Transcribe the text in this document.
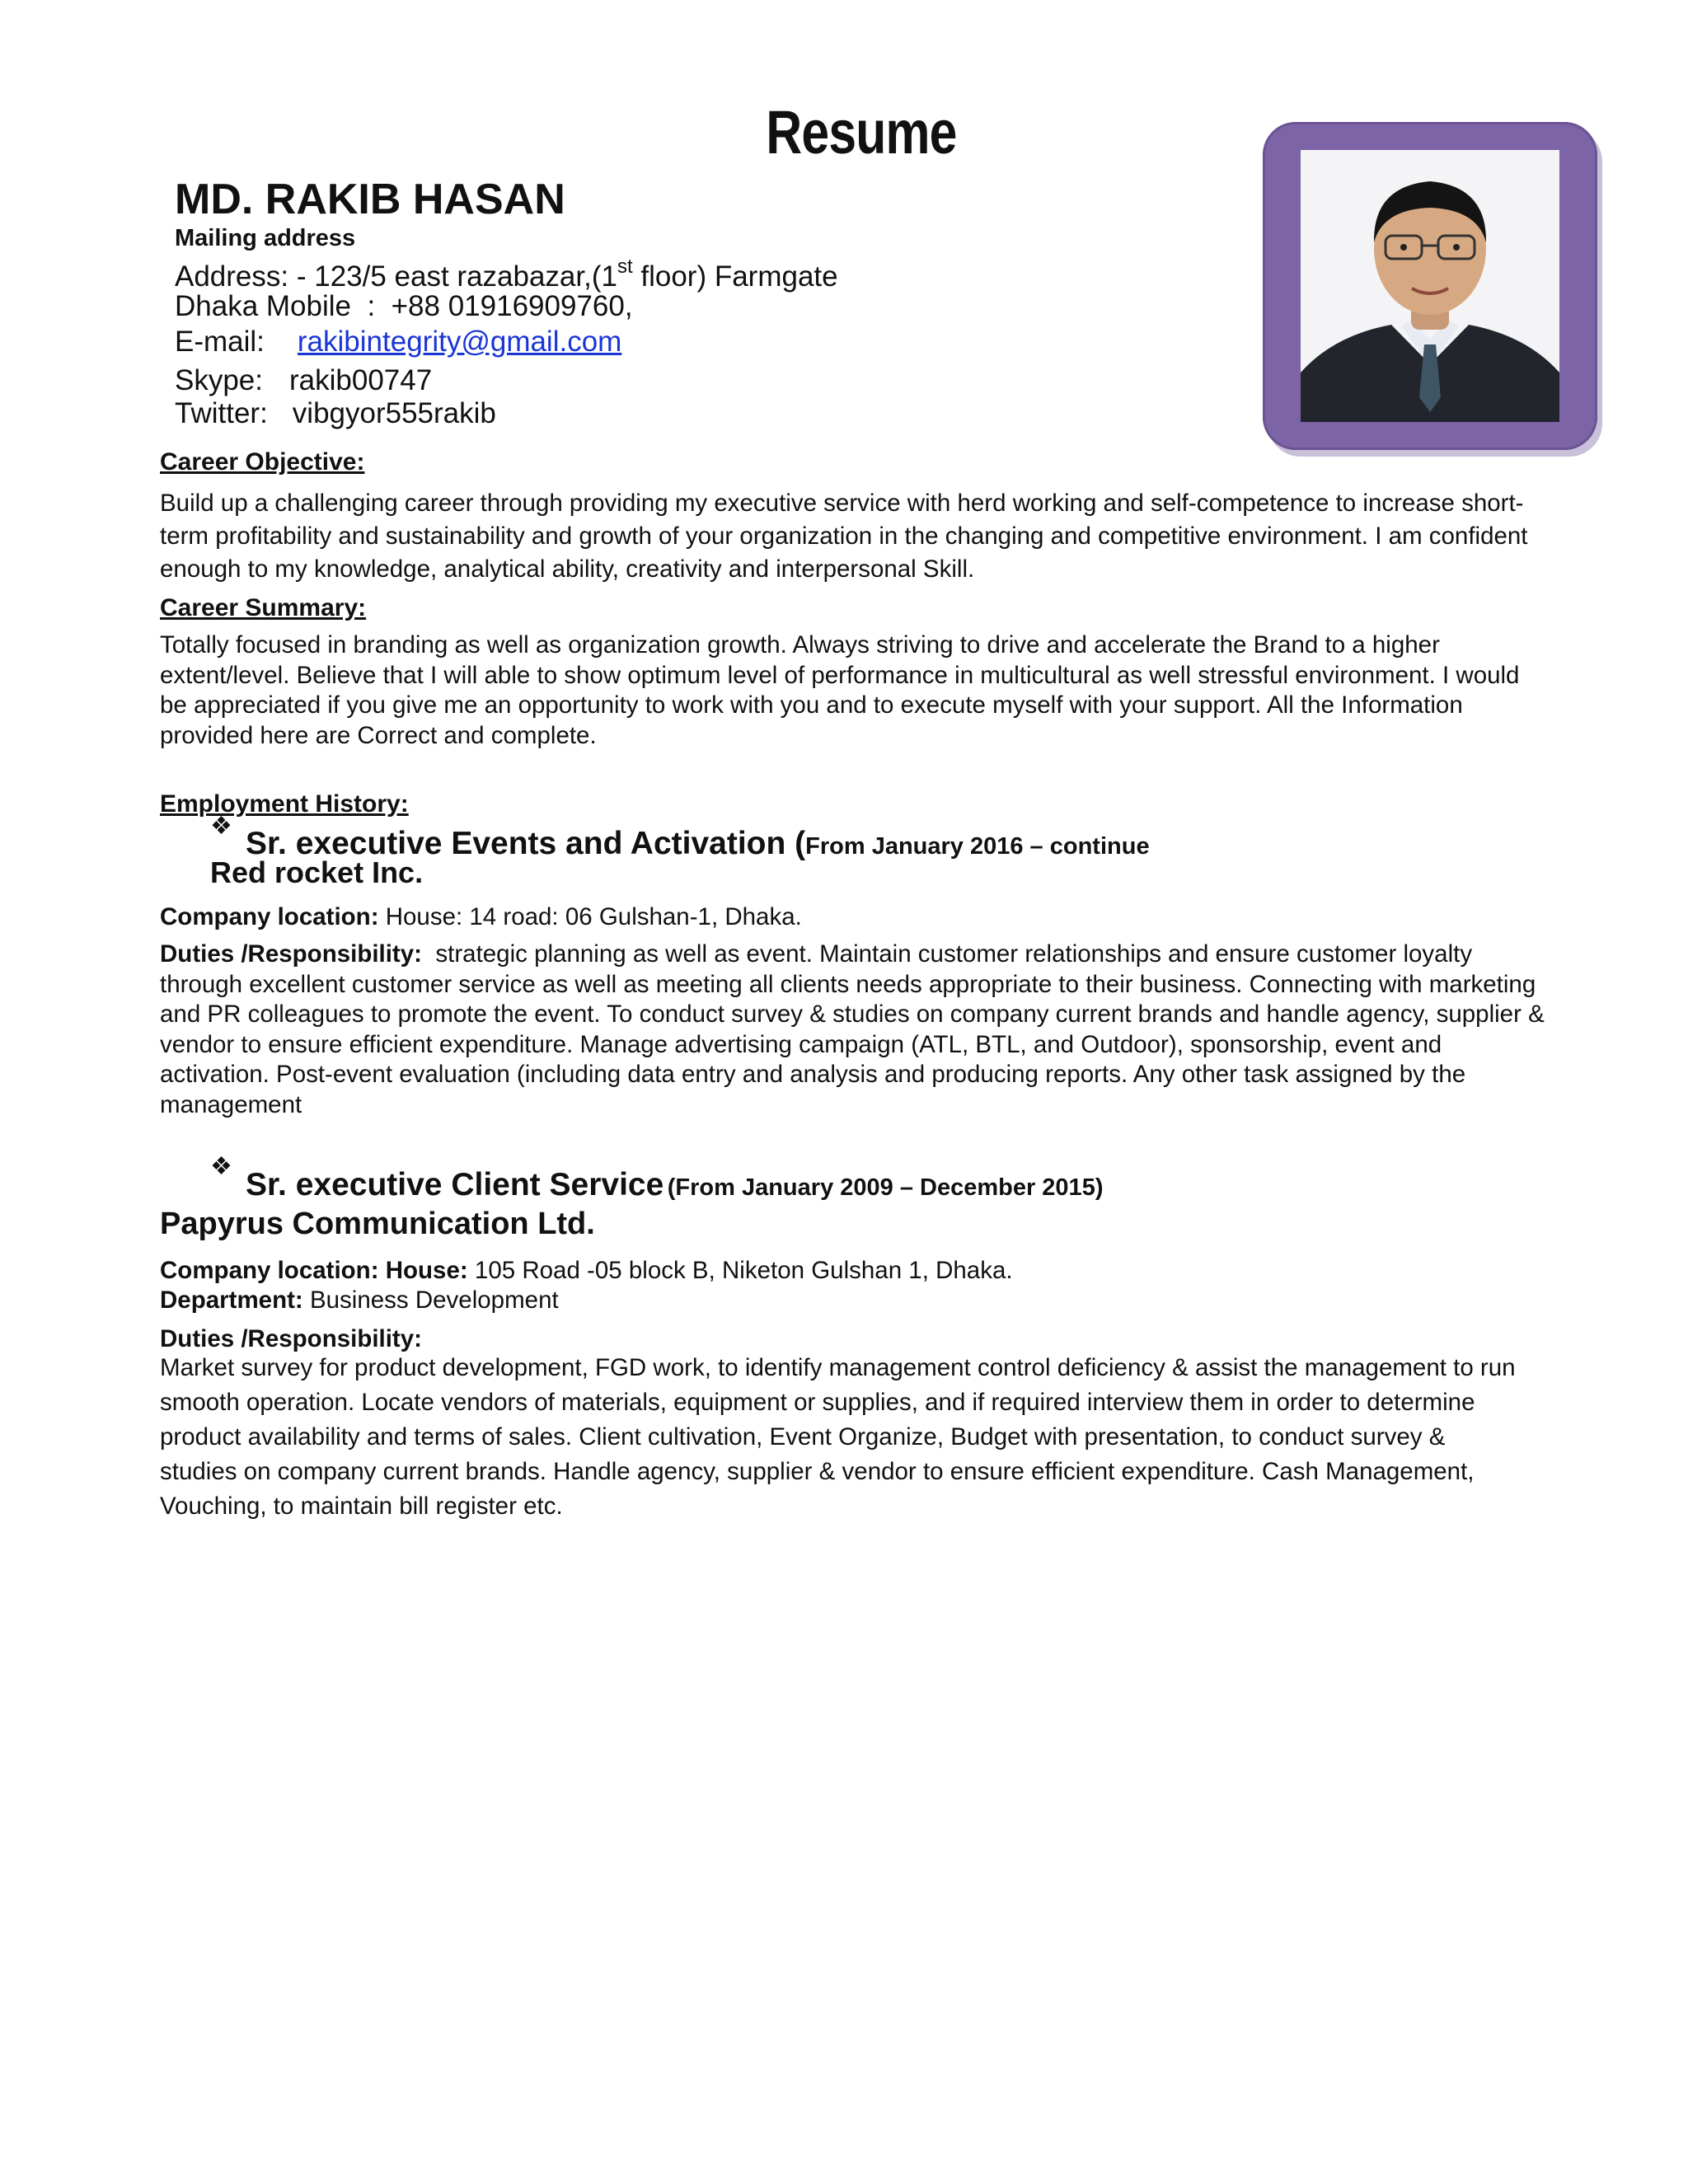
Resume
MD. RAKIB HASAN
Mailing address
Address: - 123/5 east razabazar,(1st floor) Farmgate
Dhaka Mobile  :  +88 01916909760,
E-mail: rakibintegrity@gmail.com
Skype: rakib00747
Twitter: vibgyor555rakib
Career Objective:
Build up a challenging career through providing my executive service with herd working and self-competence to increase short-term profitability and sustainability and growth of your organization in the changing and competitive environment. I am confident enough to my knowledge, analytical ability, creativity and interpersonal Skill.
Career Summary:
Totally focused in branding as well as organization growth. Always striving to drive and accelerate the Brand to a higher extent/level. Believe that I will able to show optimum level of performance in multicultural as well stressful environment. I would be appreciated if you give me an opportunity to work with you and to execute myself with your support. All the Information provided here are Correct and complete.
Employment History:
❖ Sr. executive Events and Activation (From January 2016 – continue
Red rocket Inc.
Company location: House: 14 road: 06 Gulshan-1, Dhaka.
Duties /Responsibility: strategic planning as well as event. Maintain customer relationships and ensure customer loyalty through excellent customer service as well as meeting all clients needs appropriate to their business. Connecting with marketing and PR colleagues to promote the event. To conduct survey & studies on company current brands and handle agency, supplier & vendor to ensure efficient expenditure. Manage advertising campaign (ATL, BTL, and Outdoor), sponsorship, event and activation. Post-event evaluation (including data entry and analysis and producing reports. Any other task assigned by the management
❖
Sr. executive Client Service (From January 2009 – December 2015)
Papyrus Communication Ltd.
Company location: House: 105 Road -05 block B, Niketon Gulshan 1, Dhaka.
Department: Business Development
Duties /Responsibility:
Market survey for product development, FGD work, to identify management control deficiency & assist the management to run smooth operation. Locate vendors of materials, equipment or supplies, and if required interview them in order to determine product availability and terms of sales. Client cultivation, Event Organize, Budget with presentation, to conduct survey & studies on company current brands. Handle agency, supplier & vendor to ensure efficient expenditure. Cash Management, Vouching, to maintain bill register etc.
